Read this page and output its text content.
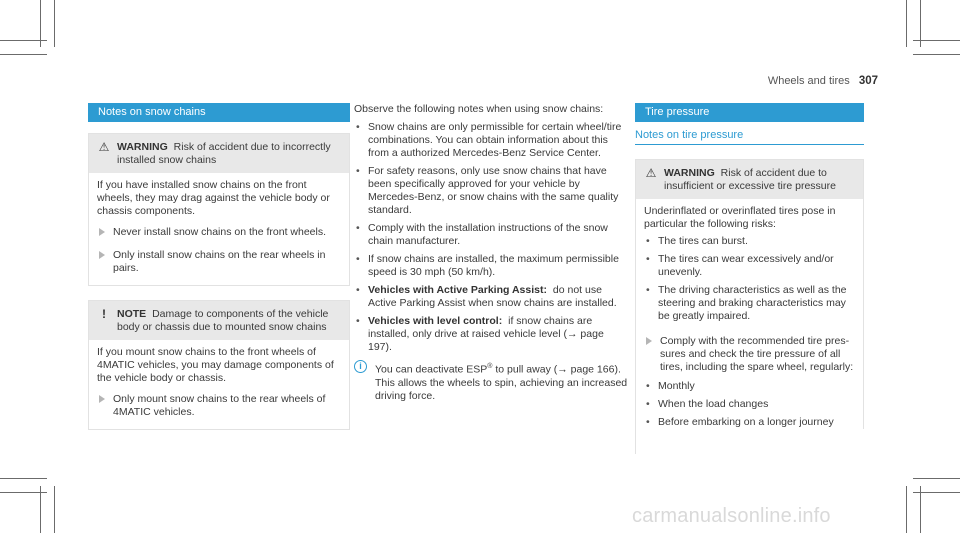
Wheels and tires 307
Notes on snow chains
⚠ WARNING Risk of accident due to incorrectly installed snow chains

If you have installed snow chains on the front wheels, they may drag against the vehicle body or chassis components.

Never install snow chains on the front wheels.
Only install snow chains on the rear wheels in pairs.
!	NOTE Damage to components of the vehicle body or chassis due to mounted snow chains

If you mount snow chains to the front wheels of 4MATIC vehicles, you may damage components of the vehicle body or chassis.

Only mount snow chains to the rear wheels of 4MATIC vehicles.

Observe the following notes when using snow chains:

• Snow chains are only permissible for certain wheel/tire combinations. You can obtain information about this from a authorized Mercedes-Benz Service Center.
• For safety reasons, only use snow chains that have been specifically approved for your vehicle by Mercedes-Benz, or snow chains with the same quality standard.
• Comply with the installation instructions of the snow chain manufacturer.
• If snow chains are installed, the maximum permissible speed is 30 mph (50 km/h).
• Vehicles with Active Parking Assist: do not use Active Parking Assist when snow chains are installed.
• Vehicles with level control: if snow chains are installed, only drive at raised vehicle level (→ page 197).
i	You can deactivate ESP® to pull away (→ page 166). This allows the wheels to spin, achieving an increased driving force.
Tire pressure
Notes on tire pressure
⚠ WARNING Risk of accident due to insufficient or excessive tire pressure

Underinflated or overinflated tires pose in particular the following risks:

• The tires can burst.
• The tires can wear excessively and/or unevenly.
• The driving characteristics as well as the steering and braking characteristics may be greatly impaired.
Comply with the recommended tire pressures and check the tire pressure of all tires, including the spare wheel, regularly:
• Monthly
• When the load changes
• Before embarking on a longer journey
carmanualsonline.info
